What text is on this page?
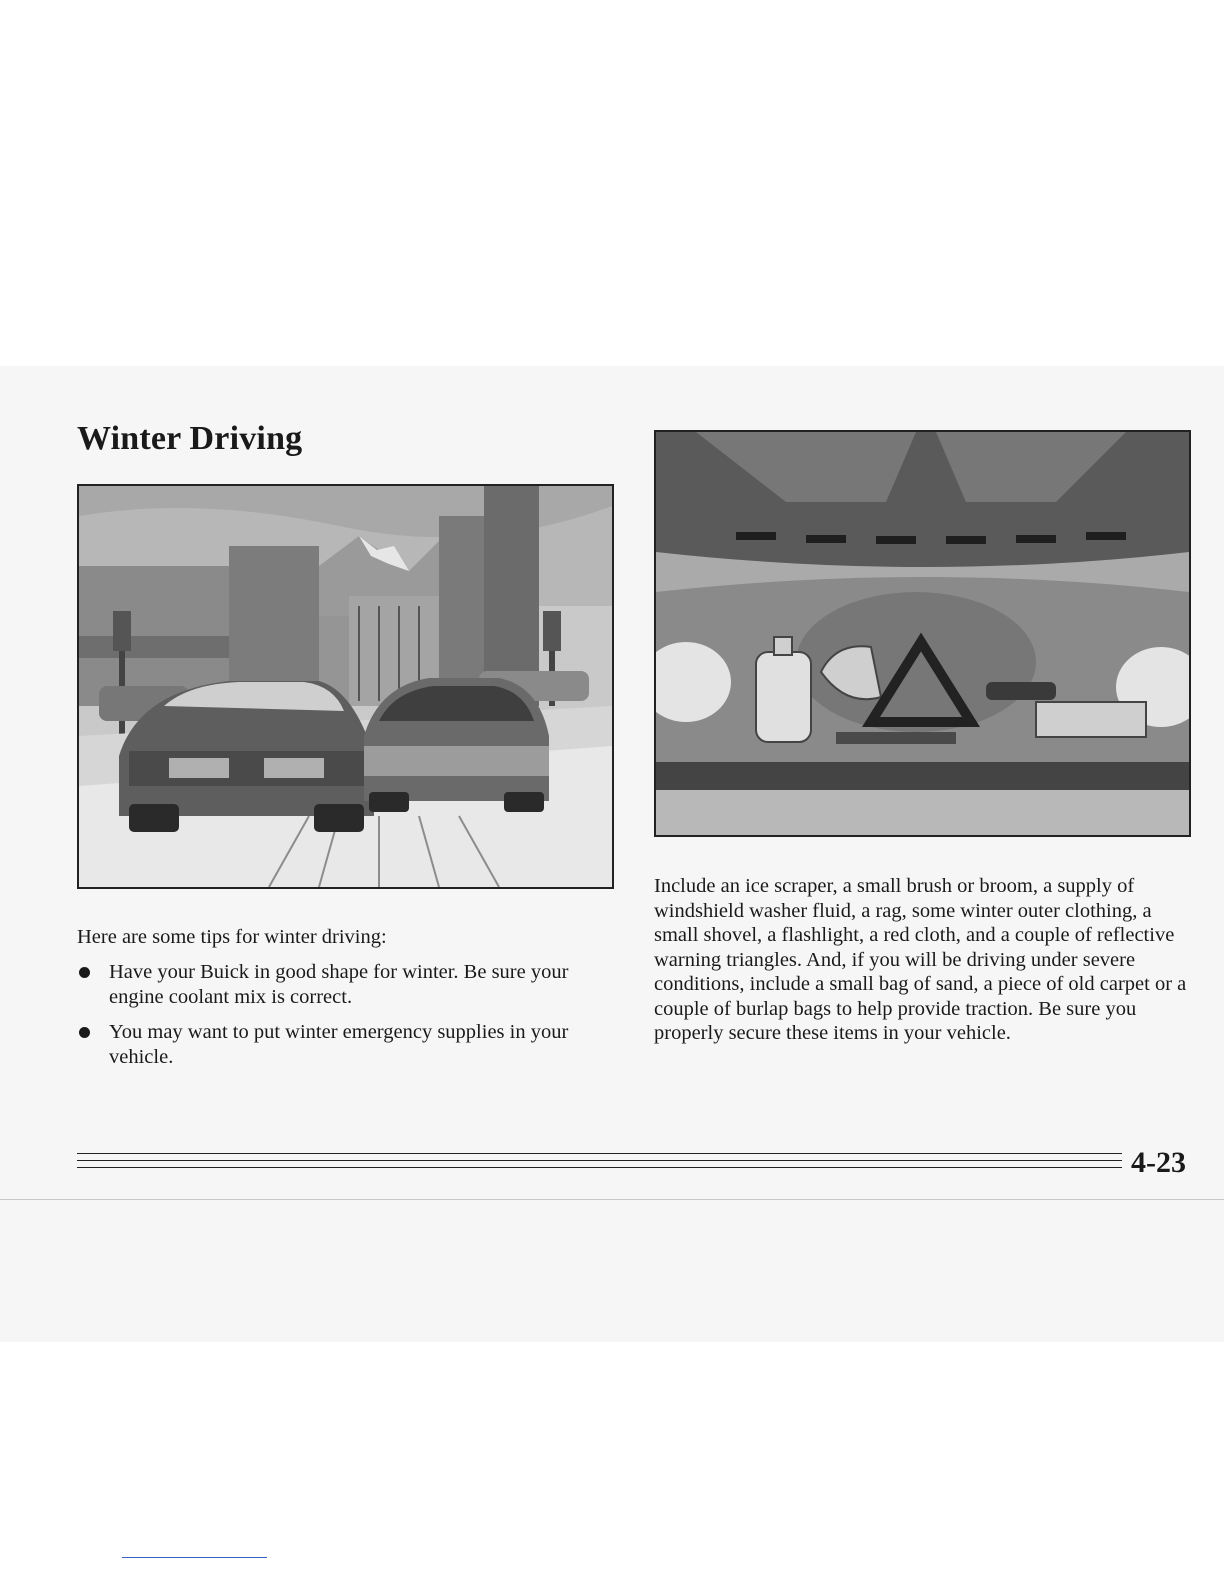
Winter Driving

Here are some tips for winter driving:

Have your Buick in good shape for winter. Be sure your engine coolant mix is correct.
You may want to put winter emergency supplies in your vehicle.

Include an ice scraper, a small brush or broom, a supply of windshield washer fluid, a rag, some winter outer clothing, a small shovel, a flashlight, a red cloth, and a couple of reflective warning triangles. And, if you will be driving under severe conditions, include a small bag of sand, a piece of old carpet or a couple of burlap bags to help provide traction. Be sure you properly secure these items in your vehicle.

4-23
